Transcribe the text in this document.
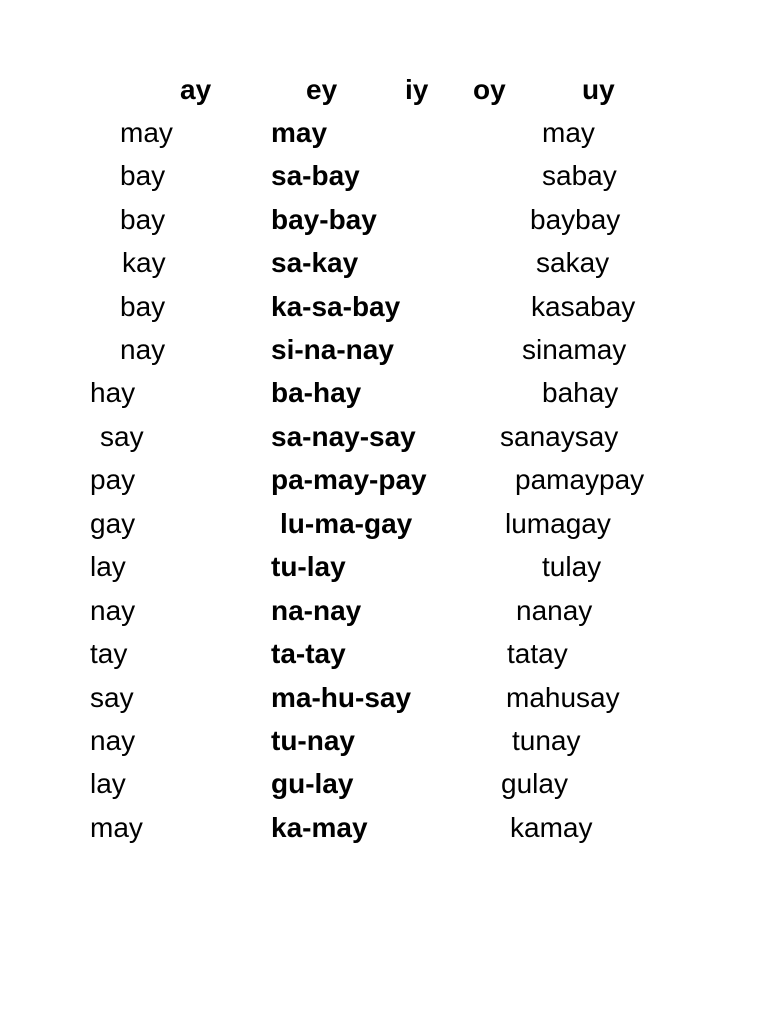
ay	ey iy oy	uy
may	may	may
bay	sa-bay	sabay
bay	bay-bay	baybay
kay	sa-kay	sakay
bay	ka-sa-bay	kasabay
nay	si-na-nay	sinamay
hay	ba-hay	bahay
say	sa-nay-say	sanaysay
pay	pa-may-pay	pamaypay
gay	lu-ma-gay	lumagay
lay	tu-lay	tulay
nay	na-nay	nanay
tay	ta-tay	tatay
say	ma-hu-say	mahusay
nay	tu-nay	tunay
lay	gu-lay	gulay
may	ka-may	kamay
